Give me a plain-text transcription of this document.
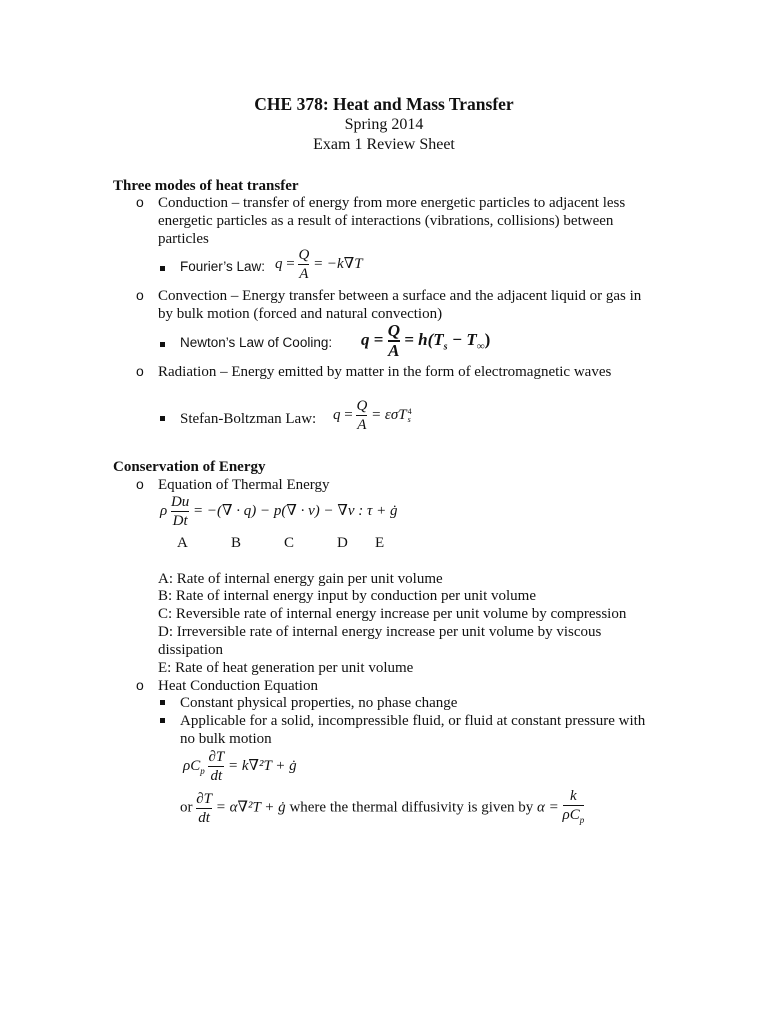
CHE 378: Heat and Mass Transfer
Spring 2014
Exam 1 Review Sheet
Three modes of heat transfer
o Conduction – transfer of energy from more energetic particles to adjacent less
energetic particles as a result of interactions (vibrations, collisions) between
particles
Fourier’s Law: $q = \frac{Q}{A} = -k\nabla T$
o Convection – Energy transfer between a surface and the adjacent liquid or gas in
by bulk motion (forced and natural convection)
Newton’s Law of Cooling: $q = \frac{Q}{A} = h(T_s - T_\infty)$
o Radiation – Energy emitted by matter in the form of electromagnetic waves
Stefan-Boltzman Law: $q = \frac{Q}{A} = \varepsilon\sigma T$ 4
s
Conservation of Energy
o Equation of Thermal Energy
ρ $\frac{Du}{Dt}$ = −(∇ · q) − p(∇ · v) − ∇v : τ + ġ
A	B	C	D E
A: Rate of internal energy gain per unit volume
B: Rate of internal energy input by conduction per unit volume
C: Reversible rate of internal energy increase per unit volume by compression
D: Irreversible rate of internal energy increase per unit volume by viscous
dissipation
E: Rate of heat generation per unit volume
o Heat Conduction Equation
Constant physical properties, no phase change
Applicable for a solid, incompressible fluid, or fluid at constant pressure with
no bulk motion
$\rho C_p \frac{\partial T}{dt} = k\nabla^2T$ + ġ
or $\frac{\partial T}{dt} = \alpha\nabla^2T$ + ġ where the thermal diffusivity is given by $\alpha = \frac{k}{\rho C_p}$
